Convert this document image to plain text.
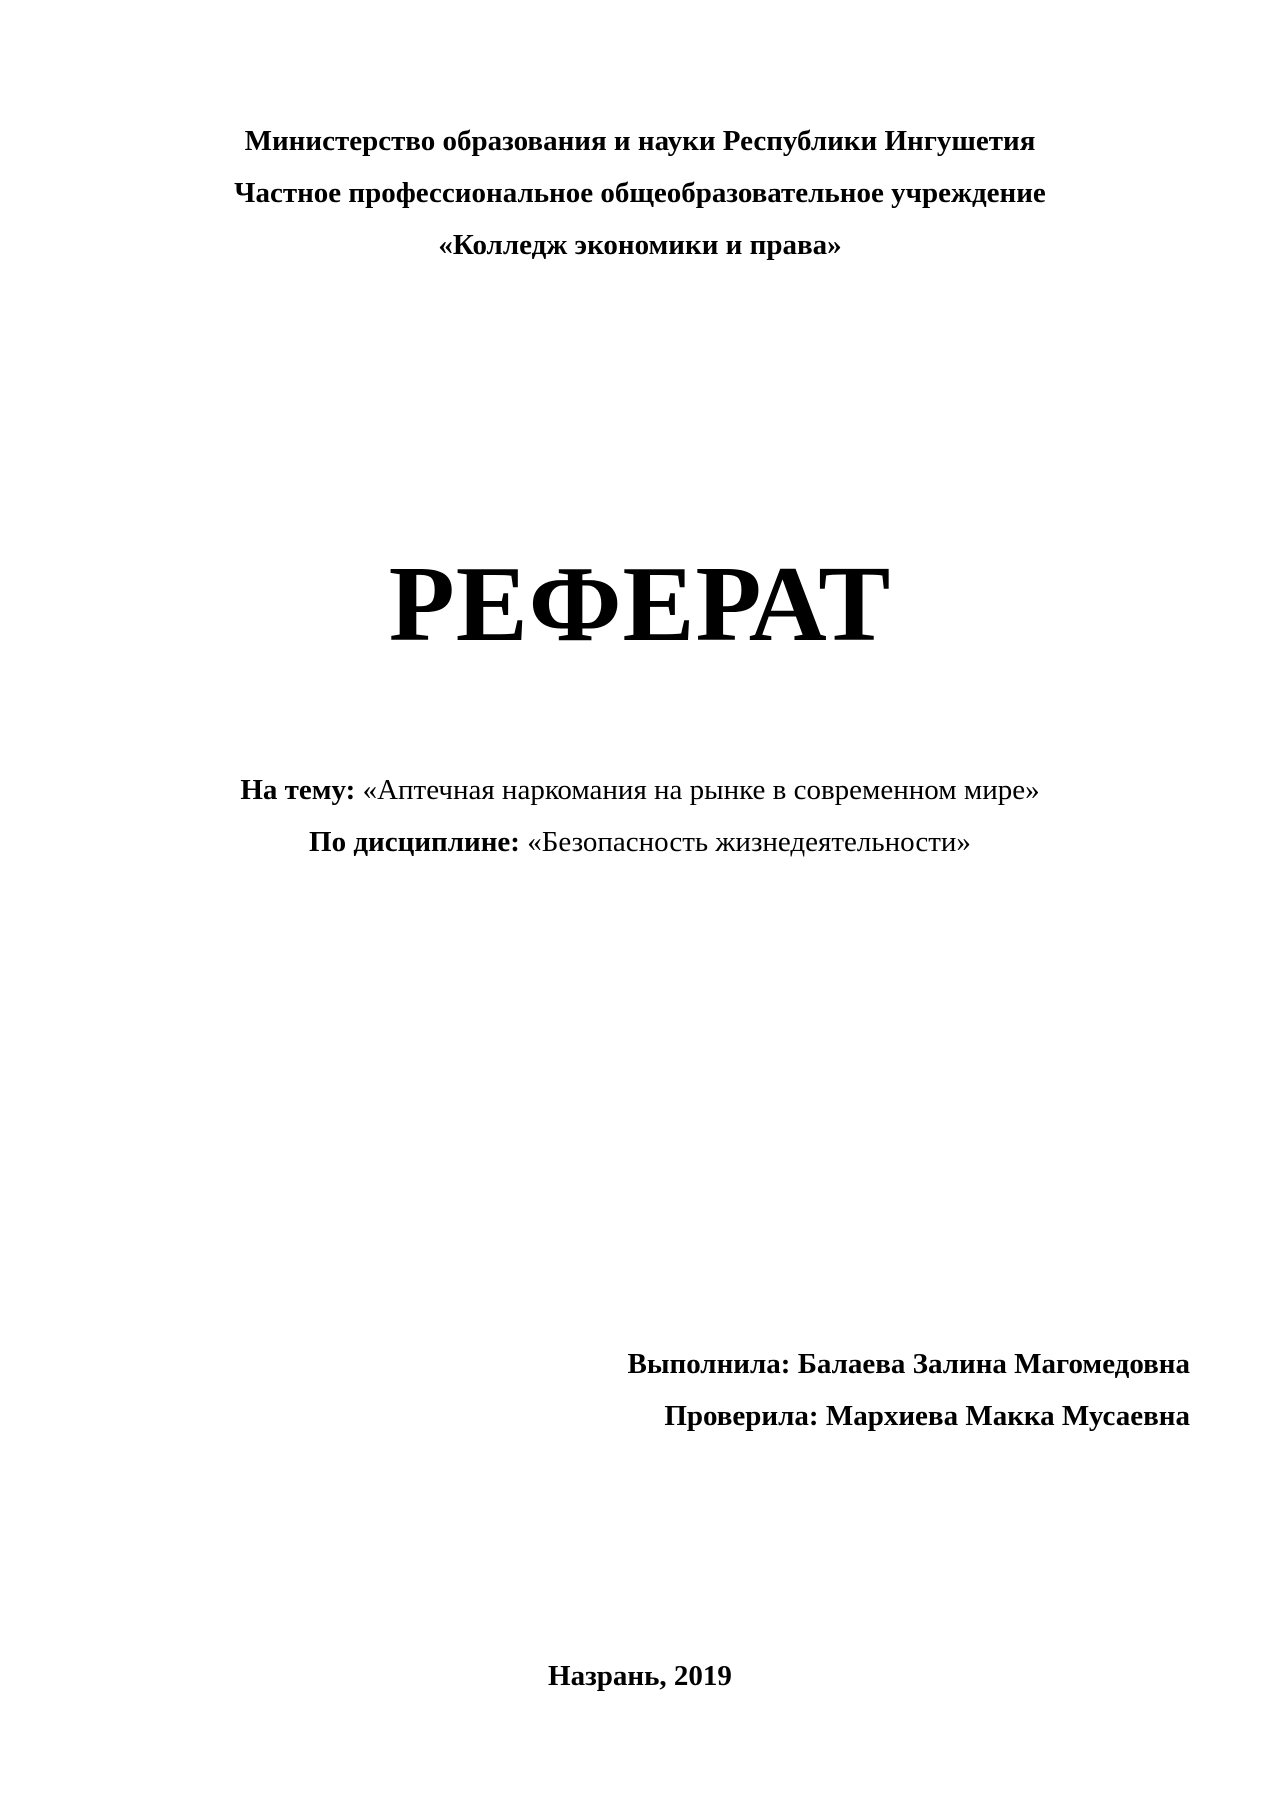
Министерство образования и науки Республики Ингушетия
Частное профессиональное общеобразовательное учреждение
«Колледж экономики и права»
РЕФЕРАТ
На тему: «Аптечная наркомания на рынке в современном мире»
По дисциплине: «Безопасность жизнедеятельности»
Выполнила: Балаева Залина Магомедовна
Проверила: Мархиева Макка Мусаевна
Назрань, 2019
